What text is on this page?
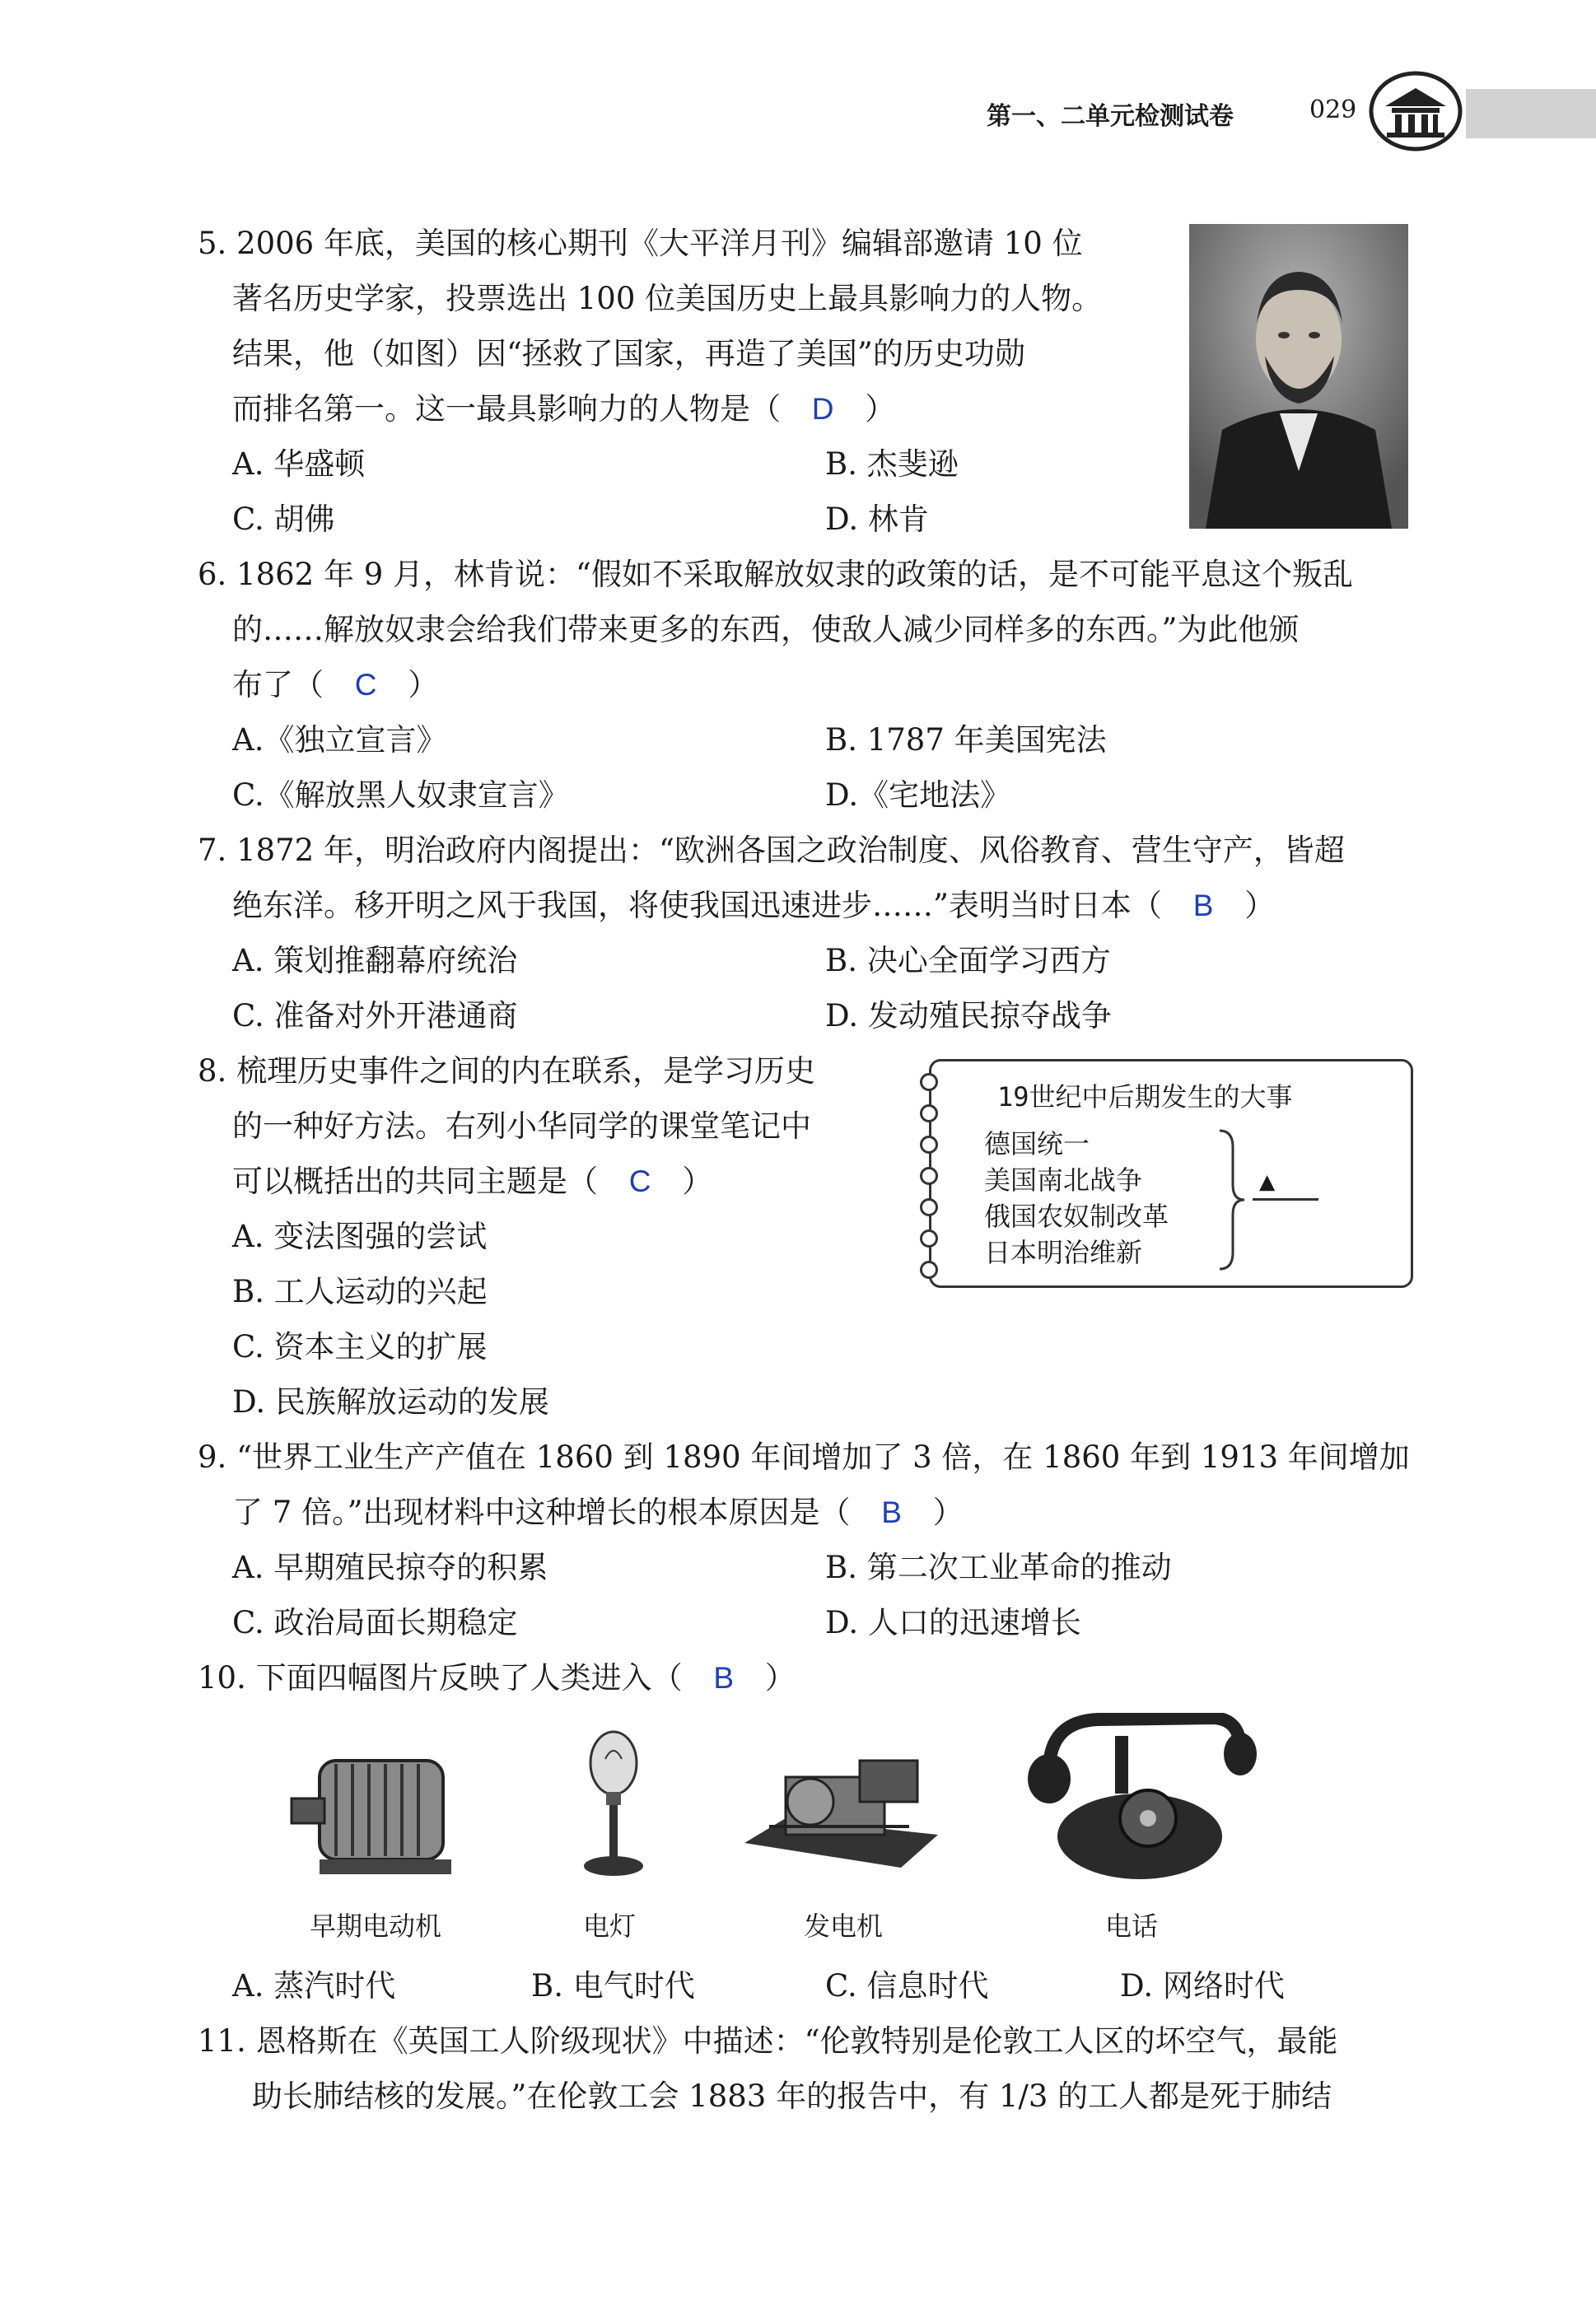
第一、二单元检测试卷	029
5. 2006 年底，美国的核心期刊《大平洋月刊》编辑部邀请 10 位
著名历史学家，投票选出 100 位美国历史上最具影响力的人物。
结果，他（如图）因“拯救了国家，再造了美国”的历史功勋
而排名第一。这一最具影响力的人物是（ D ）
A. 华盛顿	B. 杰斐逊
C. 胡佛	D. 林肯
6. 1862 年 9 月，林肯说：“假如不采取解放奴隶的政策的话，是不可能平息这个叛乱
的……解放奴隶会给我们带来更多的东西，使敌人减少同样多的东西。”为此他颁
布了（ C ）
A.《独立宣言》	B. 1787 年美国宪法
C.《解放黑人奴隶宣言》	D.《宅地法》
7. 1872 年，明治政府内阁提出：“欧洲各国之政治制度、风俗教育、营生守产，皆超
绝东洋。移开明之风于我国，将使我国迅速进步……”表明当时日本（ B ）
A. 策划推翻幕府统治	B. 决心全面学习西方
C. 准备对外开港通商	D. 发动殖民掠夺战争
8. 梳理历史事件之间的内在联系，是学习历史
的一种好方法。右列小华同学的课堂笔记中
可以概括出的共同主题是（ C ）
A. 变法图强的尝试
B. 工人运动的兴起
C. 资本主义的扩展
D. 民族解放运动的发展
19世纪中后期发生的大事
德国统一
美国南北战争
俄国农奴制改革
日本明治维新
▲
9. “世界工业生产产值在 1860 到 1890 年间增加了 3 倍，在 1860 年到 1913 年间增加
了 7 倍。”出现材料中这种增长的根本原因是（ B ）
A. 早期殖民掠夺的积累	B. 第二次工业革命的推动
C. 政治局面长期稳定	D. 人口的迅速增长
10. 下面四幅图片反映了人类进入（ B ）
早期电动机	电灯	发电机	电话
A. 蒸汽时代	B. 电气时代	C. 信息时代	D. 网络时代
11. 恩格斯在《英国工人阶级现状》中描述：“伦敦特别是伦敦工人区的坏空气，最能
助长肺结核的发展。”在伦敦工会 1883 年的报告中，有 1/3 的工人都是死于肺结
